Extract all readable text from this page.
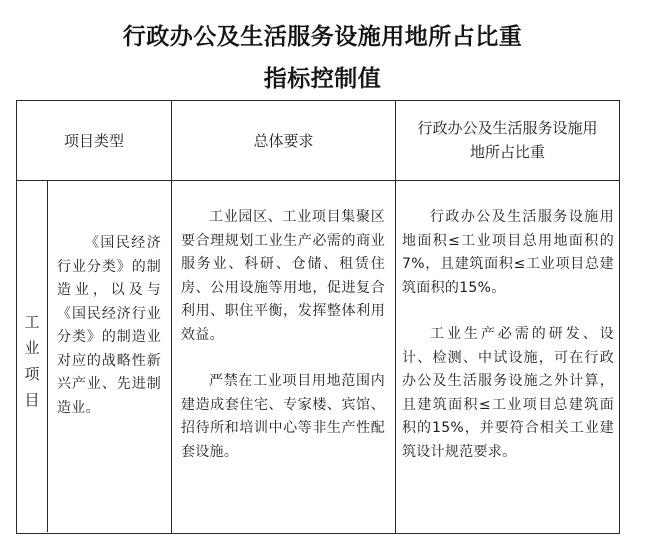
行政办公及生活服务设施用地所占比重
指标控制值
项目类型	总体要求
行政办公及生活服务设施用地所占比重
工业项目
《国民经济行业分类》的制造业，以及与《国民经济行业分类》的制造业对应的战略性新兴产业、先进制造业。
工业园区、工业项目集聚区要合理规划工业生产必需的商业服务业、科研、仓储、租赁住房、公用设施等用地，促进复合利用、职住平衡，发挥整体利用效益。
严禁在工业项目用地范围内建造成套住宅、专家楼、宾馆、招待所和培训中心等非生产性配套设施。
行政办公及生活服务设施用地面积≤工业项目总用地面积的7%，且建筑面积≤工业项目总建筑面积的15%。
工业生产必需的研发、设计、检测、中试设施，可在行政办公及生活服务设施之外计算，且建筑面积≤工业项目总建筑面积的15%，并要符合相关工业建筑设计规范要求。
